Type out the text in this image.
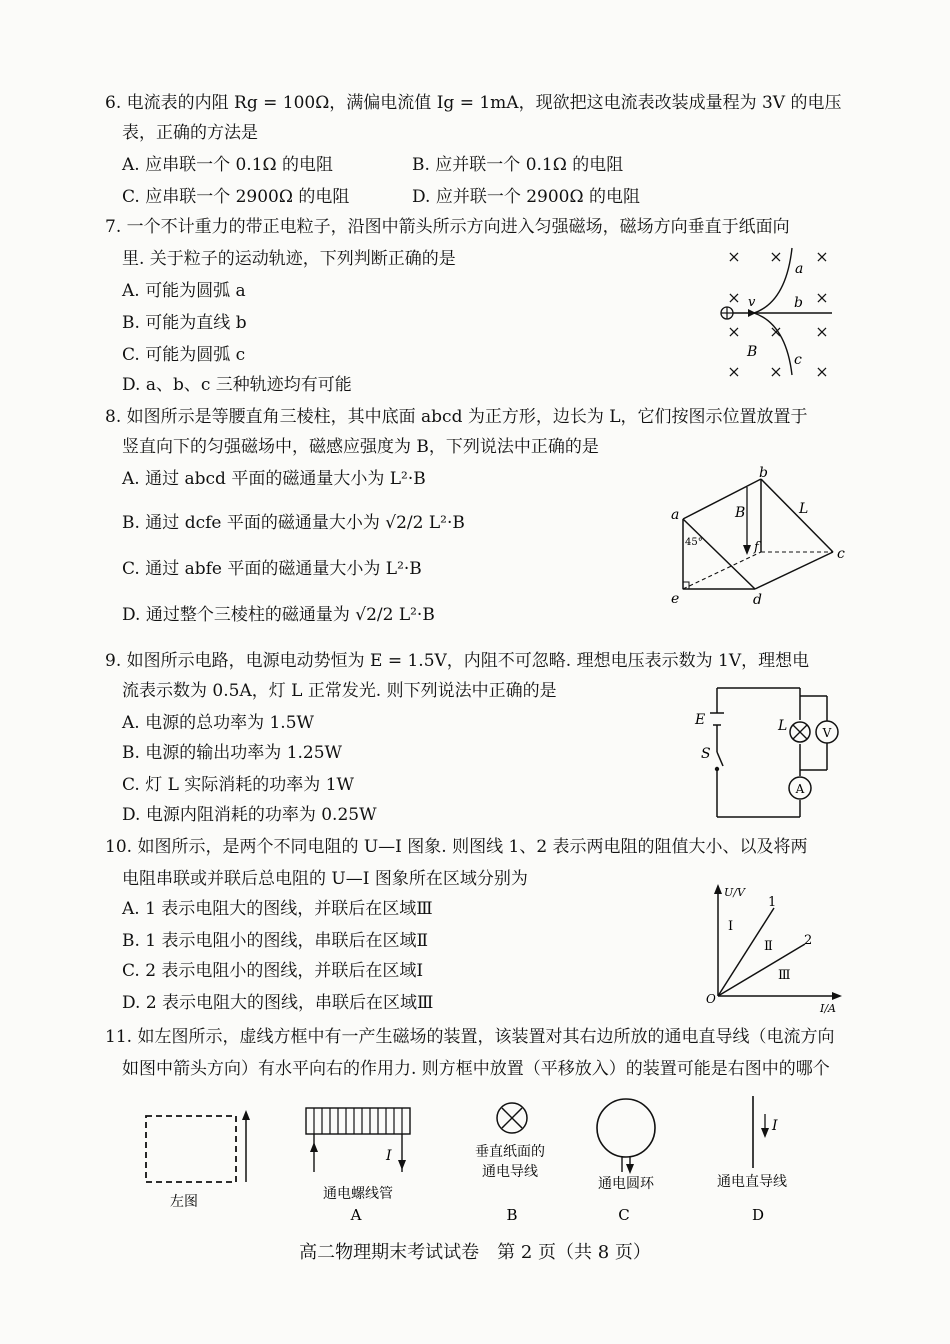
6. 电流表的内阻 Rg = 100Ω，满偏电流值 Ig = 1mA，现欲把这电流表改装成量程为 3V 的电压
表，正确的方法是
A. 应串联一个 0.1Ω 的电阻	B. 应并联一个 0.1Ω 的电阻
C. 应串联一个 2900Ω 的电阻	D. 应并联一个 2900Ω 的电阻
7. 一个不计重力的带正电粒子，沿图中箭头所示方向进入匀强磁场，磁场方向垂直于纸面向
里. 关于粒子的运动轨迹，下列判断正确的是
A. 可能为圆弧 a
B. 可能为直线 b
C. 可能为圆弧 c
D. a、b、c 三种轨迹均有可能
× × ×
×	×
× × ×
× × ×
a
b
c
v
B
8. 如图所示是等腰直角三棱柱，其中底面 abcd 为正方形，边长为 L，它们按图示位置放置于
竖直向下的匀强磁场中，磁感应强度为 B，下列说法中正确的是
A. 通过 abcd 平面的磁通量大小为 L²·B
B. 通过 dcfe 平面的磁通量大小为 √2/2 L²·B
C. 通过 abfe 平面的磁通量大小为 L²·B
D. 通过整个三棱柱的磁通量为 √2/2 L²·B
a
b
c
d
e
f
B	L
45°
9. 如图所示电路，电源电动势恒为 E = 1.5V，内阻不可忽略. 理想电压表示数为 1V，理想电
流表示数为 0.5A，灯 L 正常发光. 则下列说法中正确的是
A. 电源的总功率为 1.5W
B. 电源的输出功率为 1.25W
C. 灯 L 实际消耗的功率为 1W
D. 电源内阻消耗的功率为 0.25W
V
A
E
S
L
10. 如图所示，是两个不同电阻的 U—I 图象. 则图线 1、2 表示两电阻的阻值大小、以及将两
电阻串联或并联后总电阻的 U—I 图象所在区域分别为
A. 1 表示电阻大的图线，并联后在区域Ⅲ
B. 1 表示电阻小的图线，串联后在区域Ⅱ
C. 2 表示电阻小的图线，并联后在区域Ⅰ
D. 2 表示电阻大的图线，串联后在区域Ⅲ
U/V
I/A
O
1
2
Ⅰ
Ⅱ
Ⅲ
11. 如左图所示，虚线方框中有一产生磁场的装置，该装置对其右边所放的通电直导线（电流方向
如图中箭头方向）有水平向右的作用力. 则方框中放置（平移放入）的装置可能是右图中的哪个
I
I
左图	通电螺线管
A
垂直纸面的
通电导线
B
通电圆环
C
通电直导线
D
高二物理期末考试试卷　第 2 页（共 8 页）
